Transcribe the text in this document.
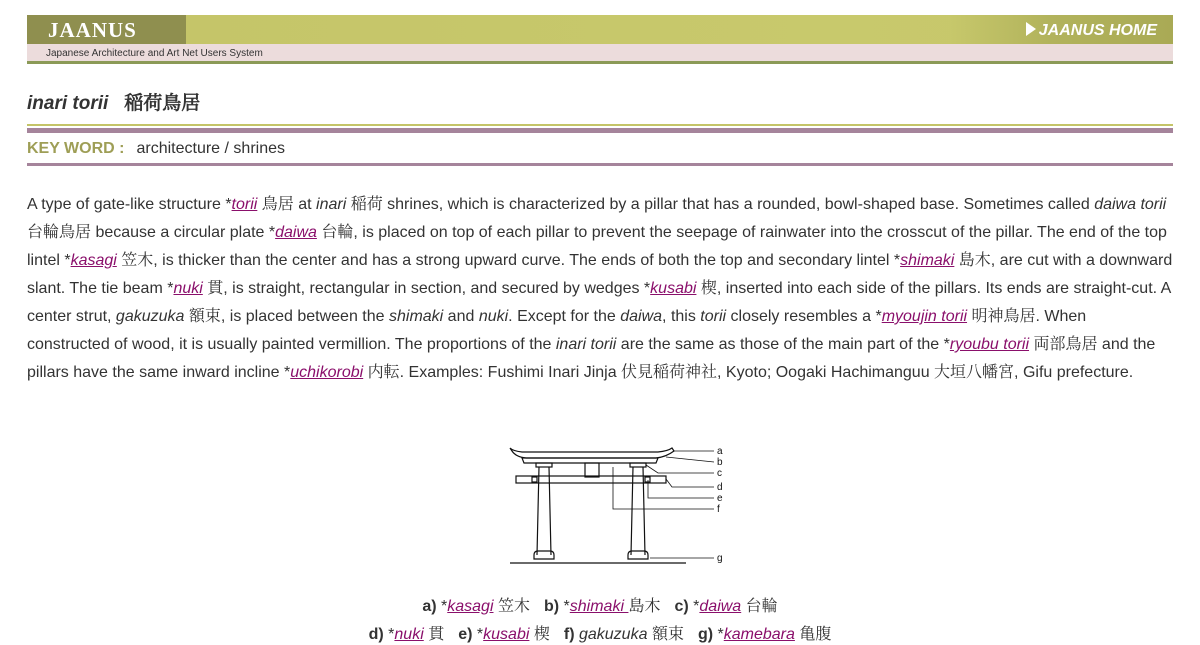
JAANUS	JAANUS HOME
Japanese Architecture and Art Net Users System
inari torii 稲荷鳥居
KEY WORD : architecture / shrines
A type of gate-like structure *torii 鳥居 at inari 稲荷 shrines, which is characterized by a pillar that has a rounded, bowl-shaped base. Sometimes called daiwa torii 台輪鳥居 because a circular plate *daiwa 台輪, is placed on top of each pillar to prevent the seepage of rainwater into the crosscut of the pillar. The end of the top lintel *kasagi 笠木, is thicker than the center and has a strong upward curve. The ends of both the top and secondary lintel *shimaki 島木, are cut with a downward slant. The tie beam *nuki 貫, is straight, rectangular in section, and secured by wedges *kusabi 楔, inserted into each side of the pillars. Its ends are straight-cut. A center strut, gakuzuka 額束, is placed between the shimaki and nuki. Except for the daiwa, this torii closely resembles a *myoujin torii 明神鳥居. When constructed of wood, it is usually painted vermillion. The proportions of the inari torii are the same as those of the main part of the *ryoubu torii 両部鳥居 and the pillars have the same inward incline *uchikorobi 内転. Examples: Fushimi Inari Jinja 伏見稲荷神社, Kyoto; Oogaki Hachimanguu 大垣八幡宮, Gifu prefecture.
a
b
c
d
e
f
g
a) *kasagi 笠木 b) *shimaki 島木 c) *daiwa 台輪
d) *nuki 貫 e) *kusabi 楔 f) gakuzuka 額束 g) *kamebara 亀腹
